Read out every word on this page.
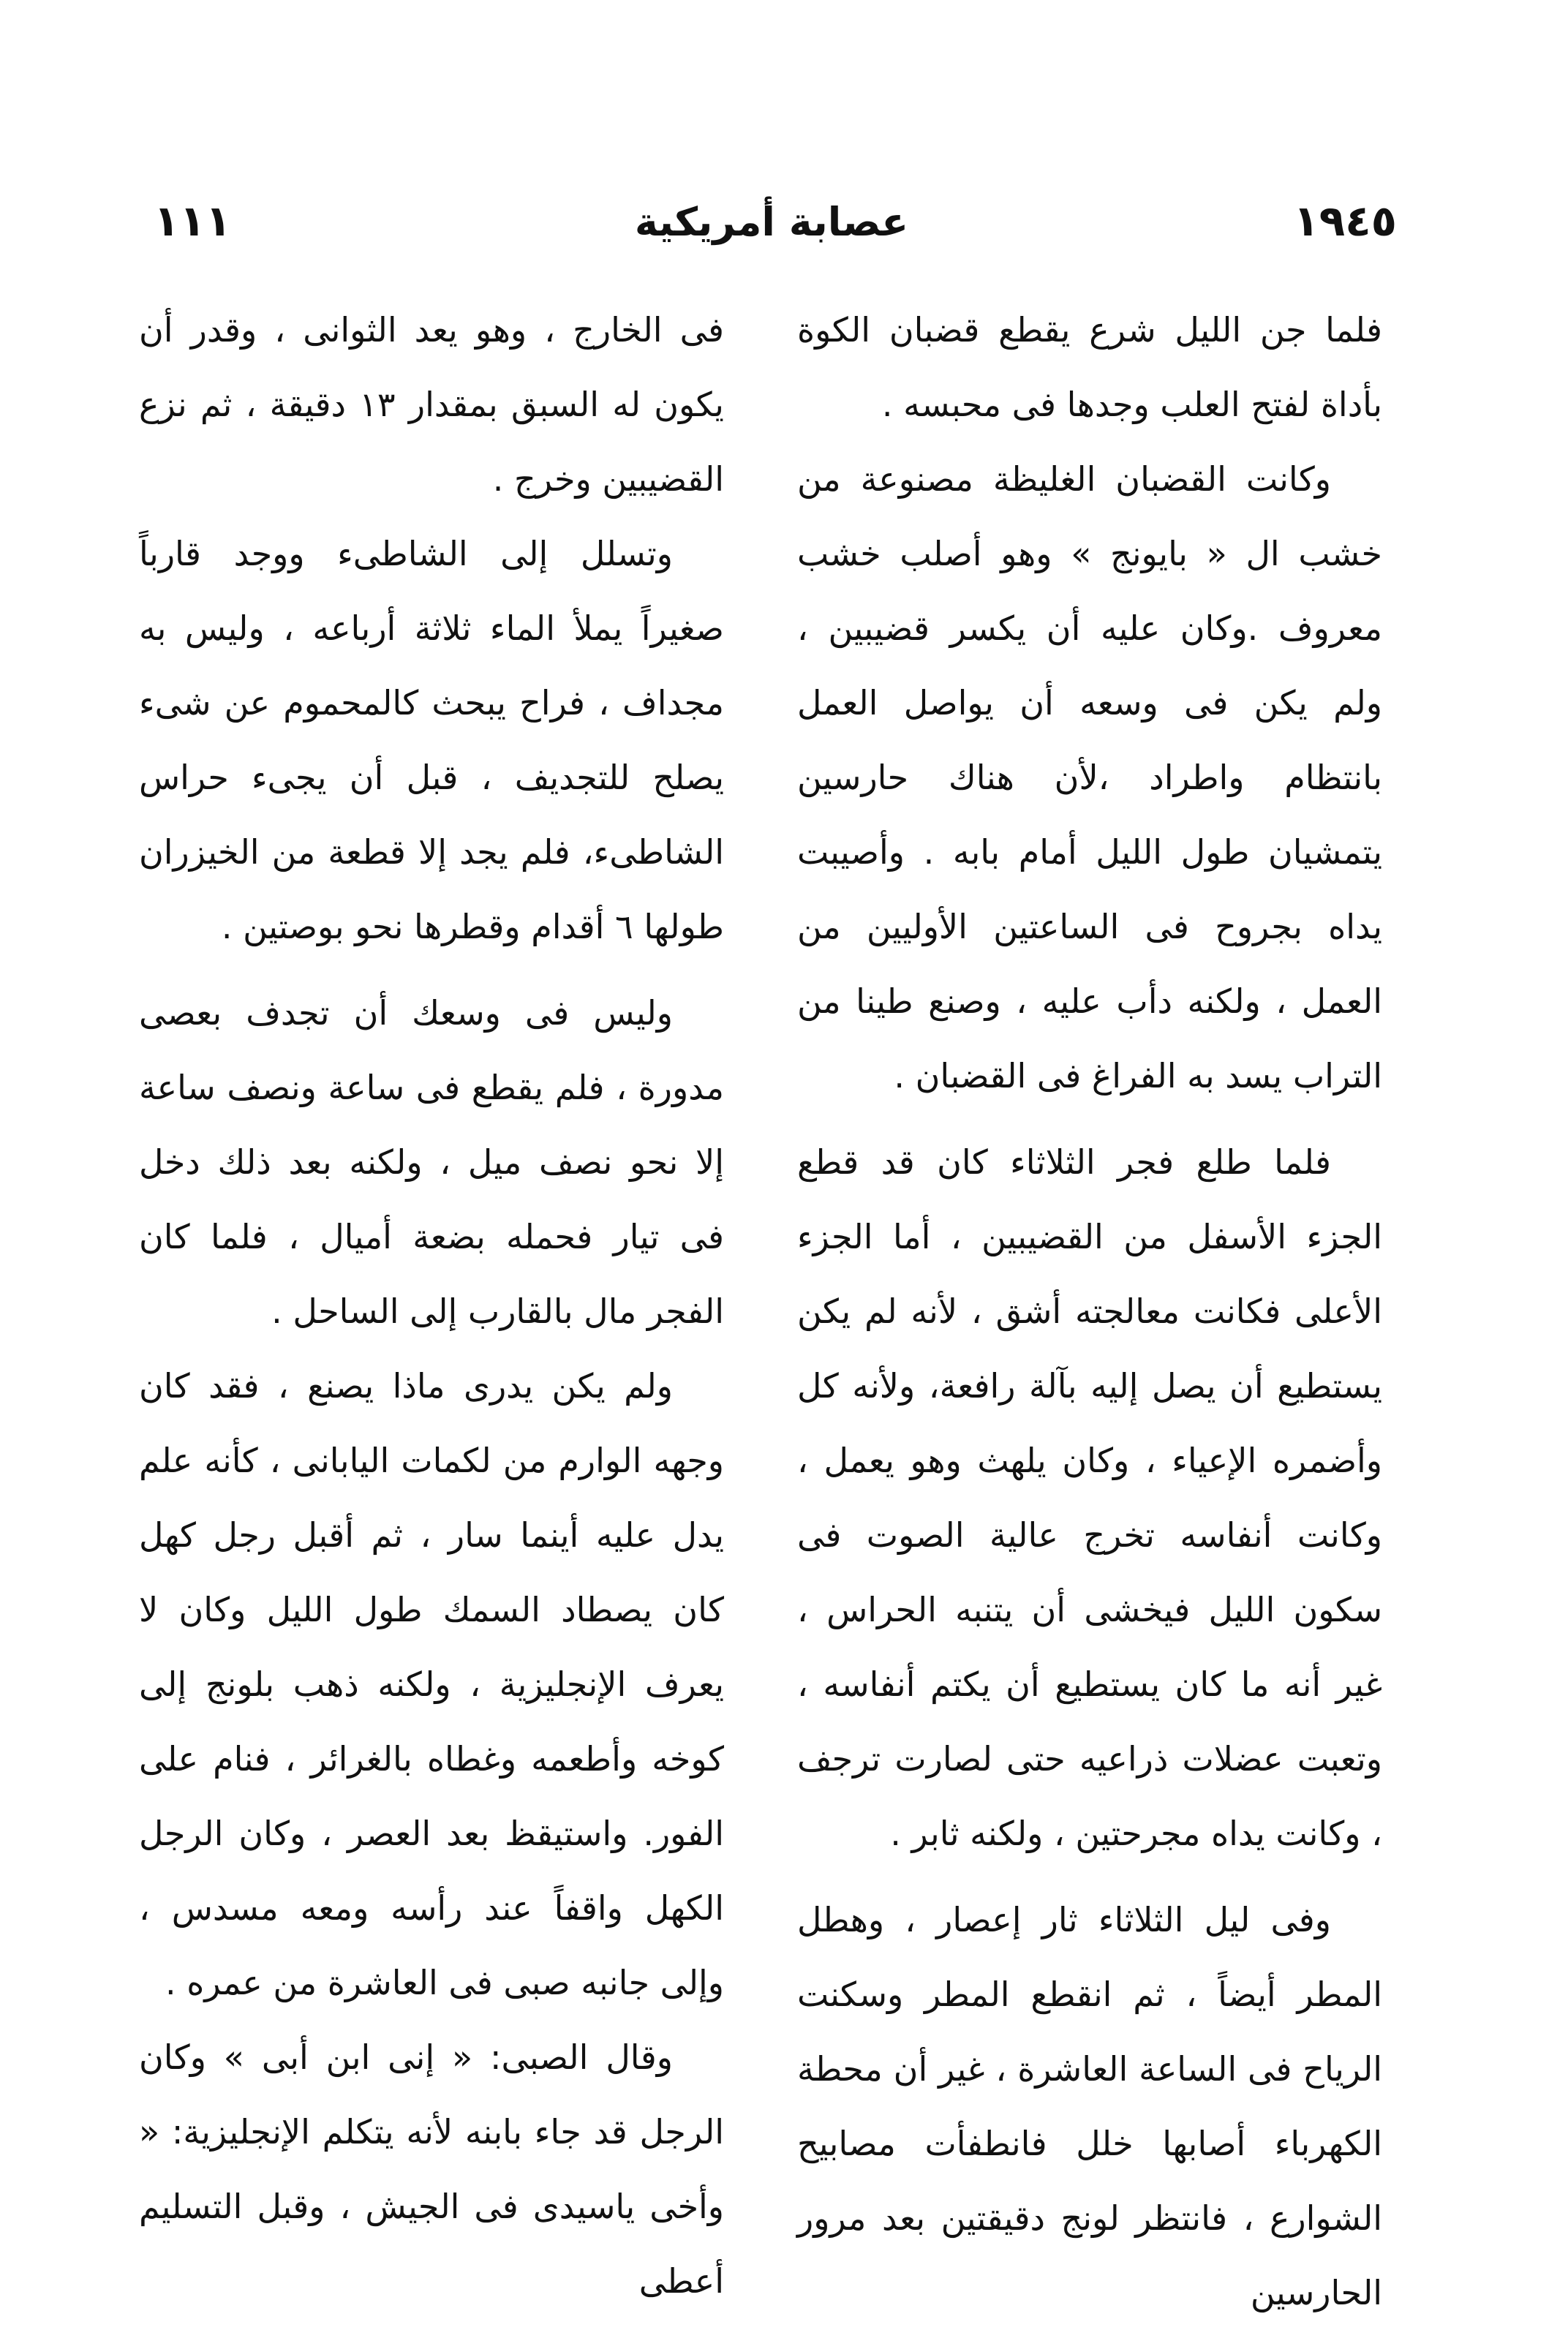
١٩٤٥
عصابة أمريكية
١١١

فلما جن الليل شرع يقطع قضبان الكوة بأداة لفتح العلب وجدها فى محبسه .

وكانت القضبان الغليظة مصنوعة من خشب ال « بايونج » وهو أصلب خشب معروف .وكان عليه أن يكسر قضيبين ، ولم يكن فى وسعه أن يواصل العمل بانتظام واطراد ،لأن هناك حارسين يتمشيان طول الليل أمام بابه . وأصيبت يداه بجروح فى الساعتين الأوليين من العمل ، ولكنه دأب عليه ، وصنع طينا من التراب يسد به الفراغ فى القضبان .

فلما طلع فجر الثلاثاء كان قد قطع الجزء الأسفل من القضيبين ، أما الجزء الأعلى فكانت معالجته أشق ، لأنه لم يكن يستطيع أن يصل إليه بآلة رافعة، ولأنه كل وأضمره الإعياء ، وكان يلهث وهو يعمل ، وكانت أنفاسه تخرج عالية الصوت فى سكون الليل فيخشى أن يتنبه الحراس ، غير أنه ما كان يستطيع أن يكتم أنفاسه ، وتعبت عضلات ذراعيه حتى لصارت ترجف ، وكانت يداه مجرحتين ، ولكنه ثابر .

وفى ليل الثلاثاء ثار إعصار ، وهطل المطر أيضاً ، ثم انقطع المطر وسكنت الرياح فى الساعة العاشرة ، غير أن محطة الكهرباء أصابها خلل فانطفأت مصابيح الشوارع ، فانتظر لونج دقيقتين بعد مرور الحارسين

فى الخارج ، وهو يعد الثوانى ، وقدر أن يكون له السبق بمقدار ١٣ دقيقة ، ثم نزع القضيبين وخرج .

وتسلل إلى الشاطىء ووجد قارباً صغيراً يملأ الماء ثلاثة أرباعه ، وليس به مجداف ، فراح يبحث كالمحموم عن شىء يصلح للتجديف ، قبل أن يجىء حراس الشاطىء، فلم يجد إلا قطعة من الخيزران طولها ٦ أقدام وقطرها نحو بوصتين .

وليس فى وسعك أن تجدف بعصى مدورة ، فلم يقطع فى ساعة ونصف ساعة إلا نحو نصف ميل ، ولكنه بعد ذلك دخل فى تيار فحمله بضعة أميال ، فلما كان الفجر مال بالقارب إلى الساحل .

ولم يكن يدرى ماذا يصنع ، فقد كان وجهه الوارم من لكمات اليابانى ، كأنه علم يدل عليه أينما سار ، ثم أقبل رجل كهل كان يصطاد السمك طول الليل وكان لا يعرف الإنجليزية ، ولكنه ذهب بلونج إلى كوخه وأطعمه وغطاه بالغرائر ، فنام على الفور. واستيقظ بعد العصر ، وكان الرجل الكهل واقفاً عند رأسه ومعه مسدس ، وإلى جانبه صبى فى العاشرة من عمره .

وقال الصبى: « إنى ابن أبى » وكان الرجل قد جاء بابنه لأنه يتكلم الإنجليزية: « وأخى ياسيدى فى الجيش ، وقبل التسليم أعطى
